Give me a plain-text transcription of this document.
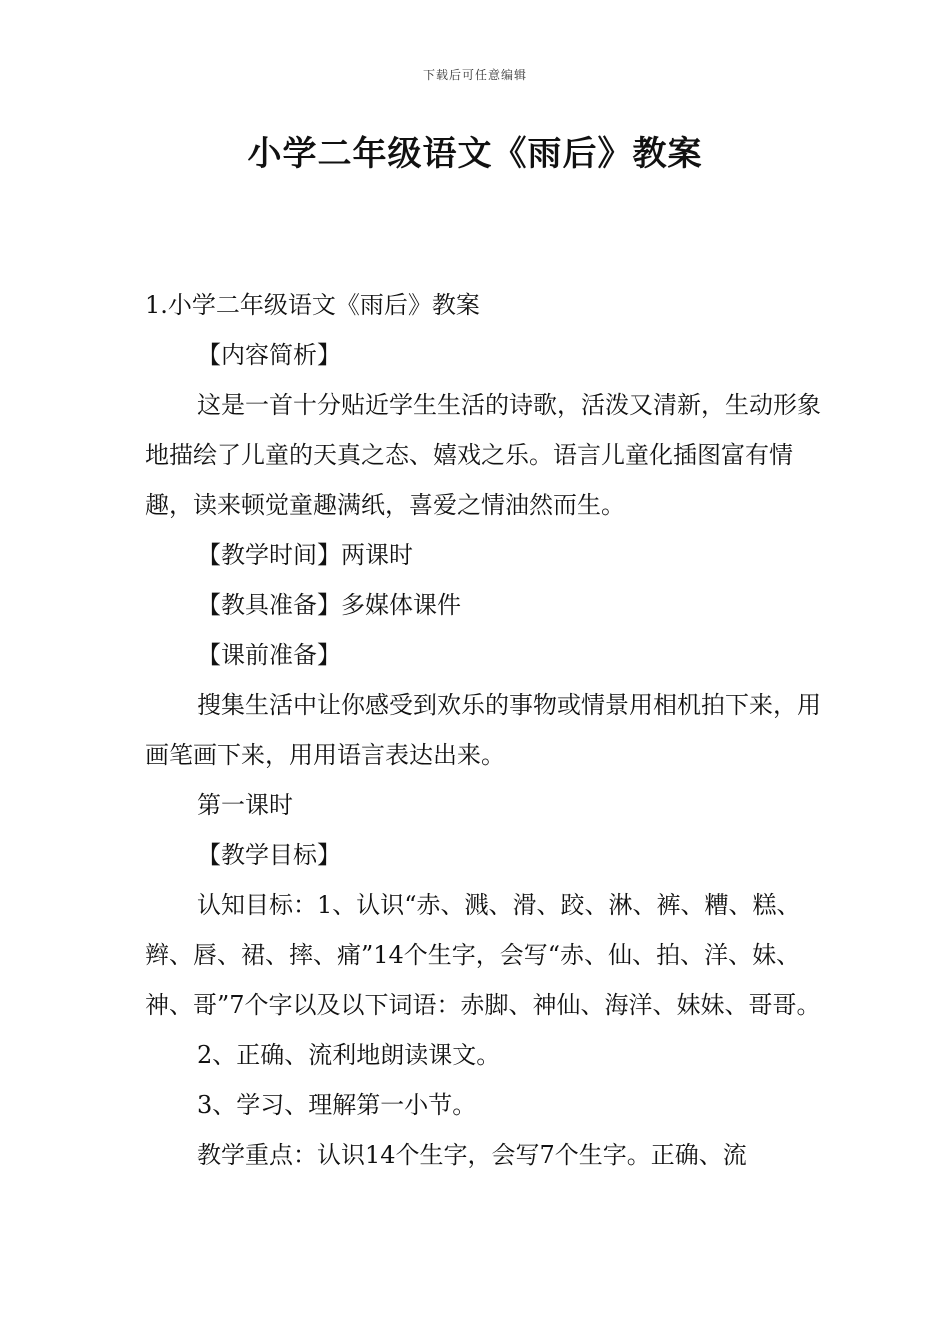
下载后可任意编辑
小学二年级语文《雨后》教案

1.小学二年级语文《雨后》教案

【内容简析】

这是一首十分贴近学生生活的诗歌，活泼又清新，生动形象地描绘了儿童的天真之态、嬉戏之乐。语言儿童化插图富有情趣，读来顿觉童趣满纸，喜爱之情油然而生。

【教学时间】两课时

【教具准备】多媒体课件

【课前准备】

搜集生活中让你感受到欢乐的事物或情景用相机拍下来，用画笔画下来，用用语言表达出来。

第一课时

【教学目标】

认知目标：1、认识“赤、溅、滑、跤、淋、裤、糟、糕、辫、唇、裙、摔、痛”14个生字，会写“赤、仙、拍、洋、妹、神、哥”7个字以及以下词语：赤脚、神仙、海洋、妹妹、哥哥。

2、正确、流利地朗读课文。

3、学习、理解第一小节。

教学重点：认识14个生字，会写7个生字。正确、流
